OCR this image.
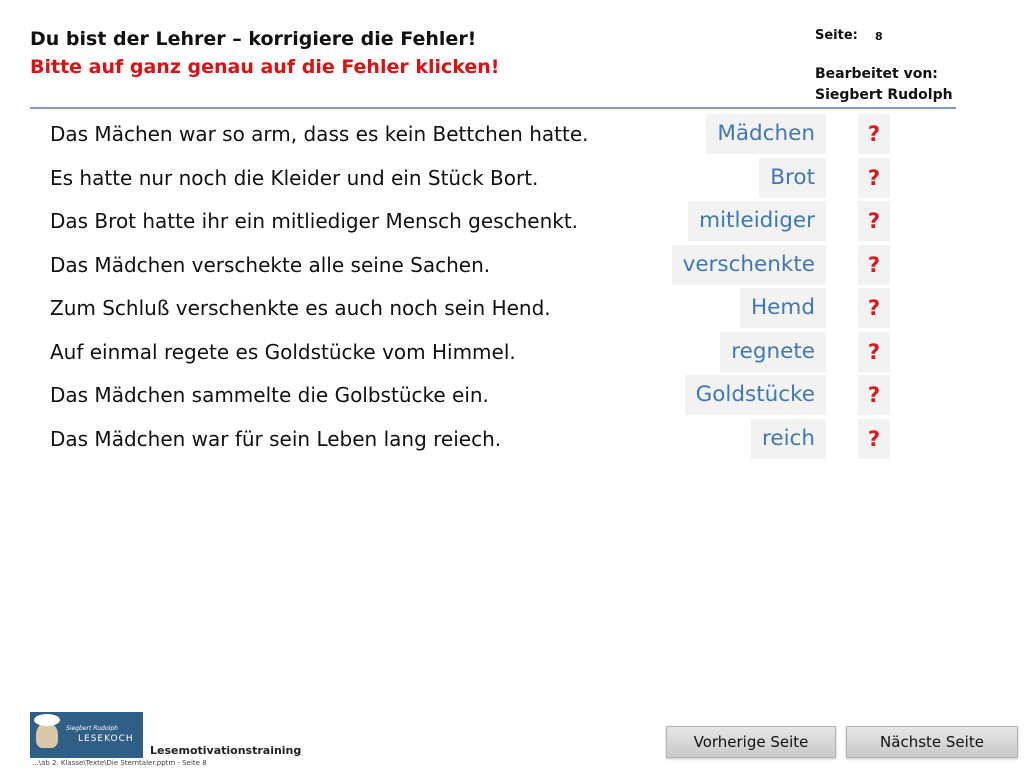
Du bist der Lehrer – korrigiere die Fehler!
Bitte auf ganz genau auf die Fehler klicken!
Seite: 8
Bearbeitet von:
Siegbert Rudolph
Das Mächen war so arm, dass es kein Bettchen hatte.
Es hatte nur noch die Kleider und ein Stück Bort.
Das Brot hatte ihr ein mitliediger Mensch geschenkt.
Das Mädchen verschekte alle seine Sachen.
Zum Schluß verschenkte es auch noch sein Hend.
Auf einmal regete es Goldstücke vom Himmel.
Das Mädchen sammelte die Golbstücke ein.
Das Mädchen war für sein Leben lang reiech.
Mädchen
Brot
mitleidiger
verschenkte
Hemd
regnete
Goldstücke
reich
?
?
?
?
?
?
?
?
Siegbert Rudolph
LESEKOCH
Lesemotivationstraining
...\ab 2. Klasse\Texte\Die Sterntaler.pptm - Seite 8
Vorherige Seite	Nächste Seite
